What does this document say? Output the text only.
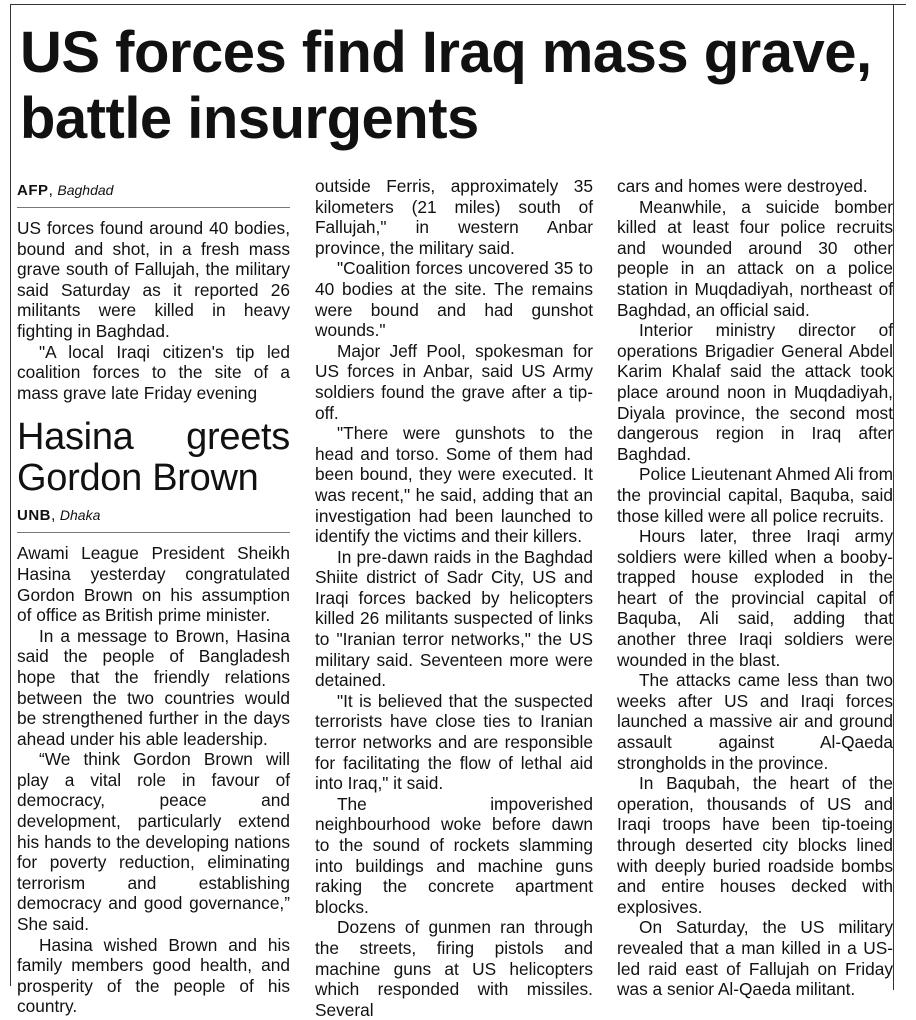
US forces find Iraq mass grave, battle insurgents
AFP, Baghdad

US forces found around 40 bodies, bound and shot, in a fresh mass grave south of Fallujah, the military said Saturday as it reported 26 militants were killed in heavy fighting in Baghdad.

"A local Iraqi citizen's tip led coalition forces to the site of a mass grave late Friday evening

Hasina greets Gordon Brown
UNB, Dhaka

Awami League President Sheikh Hasina yesterday congratulated Gordon Brown on his assumption of office as British prime minister.

In a message to Brown, Hasina said the people of Bangladesh hope that the friendly relations between the two countries would be strengthened further in the days ahead under his able leadership.

“We think Gordon Brown will play a vital role in favour of democracy, peace and development, particularly extend his hands to the developing nations for poverty reduction, eliminating terrorism and establishing democracy and good governance,” She said.

Hasina wished Brown and his family members good health, and prosperity of the people of his country.

outside Ferris, approximately 35 kilometers (21 miles) south of Fallujah," in western Anbar province, the military said.

"Coalition forces uncovered 35 to 40 bodies at the site. The remains were bound and had gunshot wounds."

Major Jeff Pool, spokesman for US forces in Anbar, said US Army soldiers found the grave after a tip-off.

"There were gunshots to the head and torso. Some of them had been bound, they were executed. It was recent," he said, adding that an investigation had been launched to identify the victims and their killers.

In pre-dawn raids in the Baghdad Shiite district of Sadr City, US and Iraqi forces backed by helicopters killed 26 militants suspected of links to "Iranian terror networks," the US military said. Seventeen more were detained.

"It is believed that the suspected terrorists have close ties to Iranian terror networks and are responsible for facilitating the flow of lethal aid into Iraq," it said.

The impoverished neighbourhood woke before dawn to the sound of rockets slamming into buildings and machine guns raking the concrete apartment blocks.

Dozens of gunmen ran through the streets, firing pistols and machine guns at US helicopters which responded with missiles. Several

cars and homes were destroyed.

Meanwhile, a suicide bomber killed at least four police recruits and wounded around 30 other people in an attack on a police station in Muqdadiyah, northeast of Baghdad, an official said.

Interior ministry director of operations Brigadier General Abdel Karim Khalaf said the attack took place around noon in Muqdadiyah, Diyala province, the second most dangerous region in Iraq after Baghdad.

Police Lieutenant Ahmed Ali from the provincial capital, Baquba, said those killed were all police recruits.

Hours later, three Iraqi army soldiers were killed when a booby-trapped house exploded in the heart of the provincial capital of Baquba, Ali said, adding that another three Iraqi soldiers were wounded in the blast.

The attacks came less than two weeks after US and Iraqi forces launched a massive air and ground assault against Al-Qaeda strongholds in the province.

In Baqubah, the heart of the operation, thousands of US and Iraqi troops have been tip-toeing through deserted city blocks lined with deeply buried roadside bombs and entire houses decked with explosives.

On Saturday, the US military revealed that a man killed in a US-led raid east of Fallujah on Friday was a senior Al-Qaeda militant.
